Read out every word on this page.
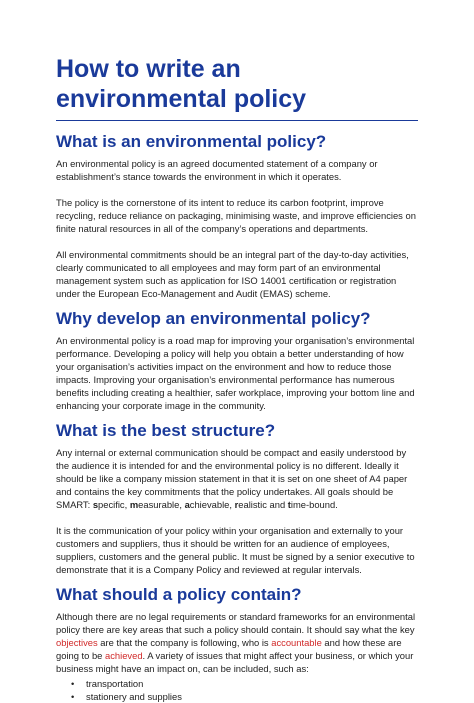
How to write an environmental policy
What is an environmental policy?

An environmental policy is an agreed documented statement of a company or establishment’s stance towards the environment in which it operates.

The policy is the cornerstone of its intent to reduce its carbon footprint, improve recycling, reduce reliance on packaging, minimising waste, and improve efficiencies on finite natural resources in all of the company’s operations and departments.

All environmental commitments should be an integral part of the day-to-day activities, clearly communicated to all employees and may form part of an environmental management system such as application for ISO 14001 certification or registration under the European Eco-Management and Audit (EMAS) scheme.

Why develop an environmental policy?

An environmental policy is a road map for improving your organisation’s environmental performance. Developing a policy will help you obtain a better understanding of how your organisation’s activities impact on the environment and how to reduce those impacts. Improving your organisation’s environmental performance has numerous benefits including creating a healthier, safer workplace, improving your bottom line and enhancing your corporate image in the community.

What is the best structure?

Any internal or external communication should be compact and easily understood by the audience it is intended for and the environmental policy is no different. Ideally it should be like a company mission statement in that it is set on one sheet of A4 paper and contains the key commitments that the policy undertakes. All goals should be SMART: specific, measurable, achievable, realistic and time-bound.

It is the communication of your policy within your organisation and externally to your customers and suppliers, thus it should be written for an audience of employees, suppliers, customers and the general public. It must be signed by a senior executive to demonstrate that it is a Company Policy and reviewed at regular intervals.

What should a policy contain?

Although there are no legal requirements or standard frameworks for an environmental policy there are key areas that such a policy should contain. It should say what the key objectives are that the company is following, who is accountable and how these are going to be achieved. A variety of issues that might affect your business, or which your business might have an impact on, can be included, such as:

• transportation
• stationery and supplies
